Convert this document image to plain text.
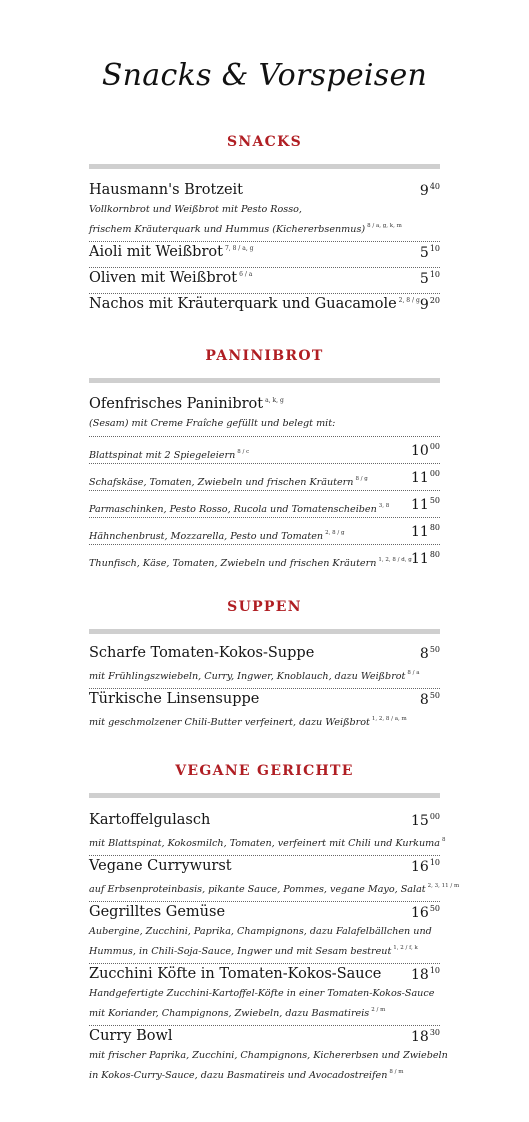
Snacks & Vorspeisen
SNACKS
Hausmann's Brotzeit	$9^{40}$
Vollkornbrot und Weißbrot mit Pesto Rosso,
frischem Kräuterquark und Hummus (Kichererbsenmus) $^{8 / a, g, k, m}$
Aioli mit Weißbrot $^{7, 8 / a, g}$	$5^{10}$
Oliven mit Weißbrot $^{6 / a}$	$5^{10}$
Nachos mit Kräuterquark und Guacamole $^{2, 8 / g}$ $9^{20}$
PANINIBROT
Ofenfrisches Paninibrot $^{a, k, g}$
(Sesam) mit Creme Fraîche gefüllt und belegt mit:
Blattspinat mit 2 Spiegeleiern $^{8 / c}$	$10^{00}$
Schafskäse, Tomaten, Zwiebeln und frischen Kräutern $^{8 / g}$	$11^{00}$
Parmaschinken, Pesto Rosso, Rucola und Tomatenscheiben $^{3, 8}$ $11^{50}$
Hähnchenbrust, Mozzarella, Pesto und Tomaten $^{2, 8 / g}$	$11^{80}$
Thunfisch, Käse, Tomaten, Zwiebeln und frischen Kräutern $^{1, 2, 8 / d, g}$ $11^{80}$
SUPPEN
Scharfe Tomaten-Kokos-Suppe	$8^{50}$
mit Frühlingszwiebeln, Curry, Ingwer, Knoblauch, dazu Weißbrot $^{8 / a}$
Türkische Linsensuppe	$8^{50}$
mit geschmolzener Chili-Butter verfeinert, dazu Weißbrot $^{1, 2, 8 / a, m}$
VEGANE GERICHTE
Kartoffelgulasch	$15^{00}$
mit Blattspinat, Kokosmilch, Tomaten, verfeinert mit Chili und Kurkuma $^8$
Vegane Currywurst	$16^{10}$
auf Erbsenproteinbasis, pikante Sauce, Pommes, vegane Mayo, Salat $^{2, 3, 11 / m}$
Gegrilltes Gemüse	$16^{50}$
Aubergine, Zucchini, Paprika, Champignons, dazu Falafelbällchen und
Hummus, in Chili-Soja-Sauce, Ingwer und mit Sesam bestreut $^{1, 2 / f, k}$
Zucchini Köfte in Tomaten-Kokos-Sauce $18^{10}$
Handgefertigte Zucchini-Kartoffel-Köfte in einer Tomaten-Kokos-Sauce
mit Koriander, Champignons, Zwiebeln, dazu Basmatireis $^{2 / m}$
Curry Bowl	$18^{30}$
mit frischer Paprika, Zucchini, Champignons, Kichererbsen und Zwiebeln
in Kokos-Curry-Sauce, dazu Basmatireis und Avocadostreifen $^{8 / m}$
